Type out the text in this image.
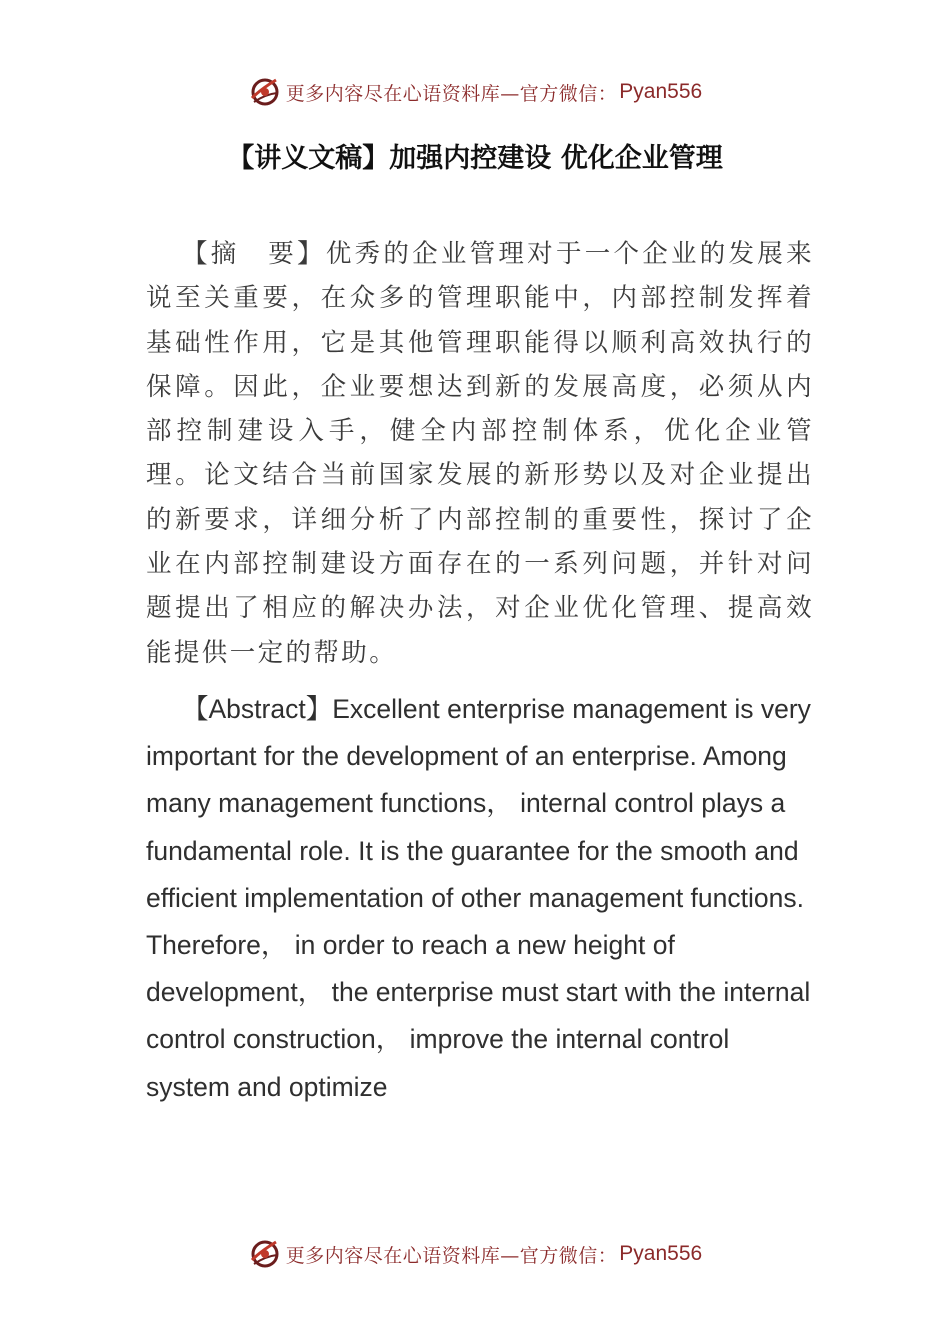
更多内容尽在心语资料库—官方微信： Pyan556
【讲义文稿】加强内控建设 优化企业管理

【摘　要】优秀的企业管理对于一个企业的发展来说至关重要，在众多的管理职能中，内部控制发挥着基础性作用，它是其他管理职能得以顺利高效执行的保障。因此，企业要想达到新的发展高度，必须从内部控制建设入手，健全内部控制体系，优化企业管理。论文结合当前国家发展的新形势以及对企业提出的新要求，详细分析了内部控制的重要性，探讨了企业在内部控制建设方面存在的一系列问题，并针对问题提出了相应的解决办法，对企业优化管理、提高效能提供一定的帮助。

【Abstract】Excellent enterprise management is very important for the development of an enterprise. Among many management functions， internal control plays a fundamental role. It is the guarantee for the smooth and efficient implementation of other management functions. Therefore， in order to reach a new height of development， the enterprise must start with the internal control construction， improve the internal control system and optimize

更多内容尽在心语资料库—官方微信： Pyan556
